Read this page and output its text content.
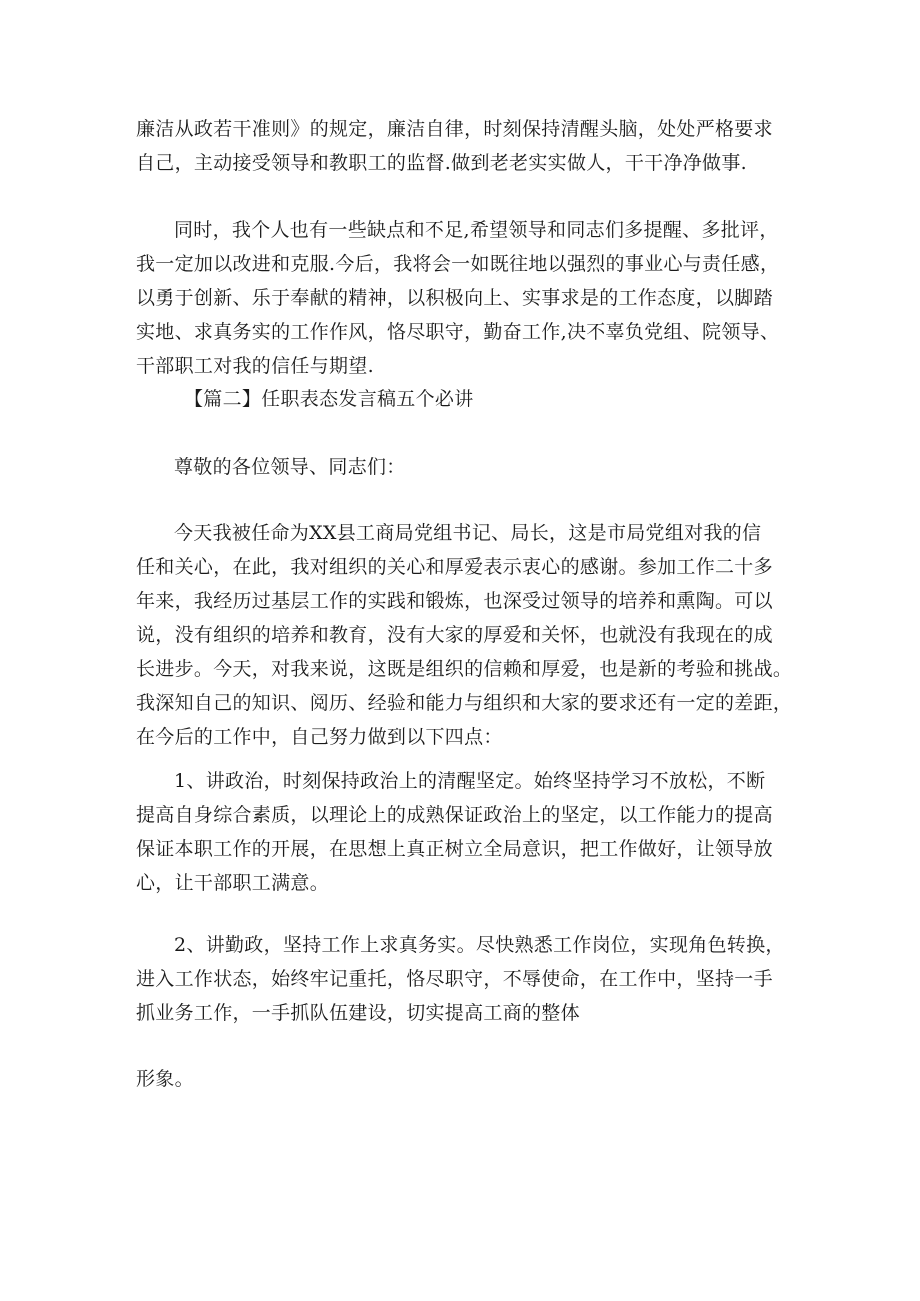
廉洁从政若干准则》的规定，廉洁自律，时刻保持清醒头脑，处处严格要求
自己，主动接受领导和教职工的监督.做到老老实实做人，干干净净做事.
同时，我个人也有一些缺点和不足,希望领导和同志们多提醒、多批评，
我一定加以改进和克服.今后，我将会一如既往地以强烈的事业心与责任感，
以勇于创新、乐于奉献的精神，以积极向上、实事求是的工作态度，以脚踏
实地、求真务实的工作作风，恪尽职守，勤奋工作,决不辜负党组、院领导、
干部职工对我的信任与期望.
【篇二】任职表态发言稿五个必讲
尊敬的各位领导、同志们：
今天我被任命为XX县工商局党组书记、局长，这是市局党组对我的信
任和关心，在此，我对组织的关心和厚爱表示衷心的感谢。参加工作二十多
年来，我经历过基层工作的实践和锻炼，也深受过领导的培养和熏陶。可以
说，没有组织的培养和教育，没有大家的厚爱和关怀，也就没有我现在的成
长进步。今天，对我来说，这既是组织的信赖和厚爱，也是新的考验和挑战。
我深知自己的知识、阅历、经验和能力与组织和大家的要求还有一定的差距，
在今后的工作中，自己努力做到以下四点：
1、讲政治，时刻保持政治上的清醒坚定。始终坚持学习不放松，不断
提高自身综合素质，以理论上的成熟保证政治上的坚定，以工作能力的提高
保证本职工作的开展，在思想上真正树立全局意识，把工作做好，让领导放
心，让干部职工满意。
2、讲勤政，坚持工作上求真务实。尽快熟悉工作岗位，实现角色转换，
进入工作状态，始终牢记重托，恪尽职守，不辱使命，在工作中，坚持一手
抓业务工作，一手抓队伍建设，切实提高工商的整体
形象。
